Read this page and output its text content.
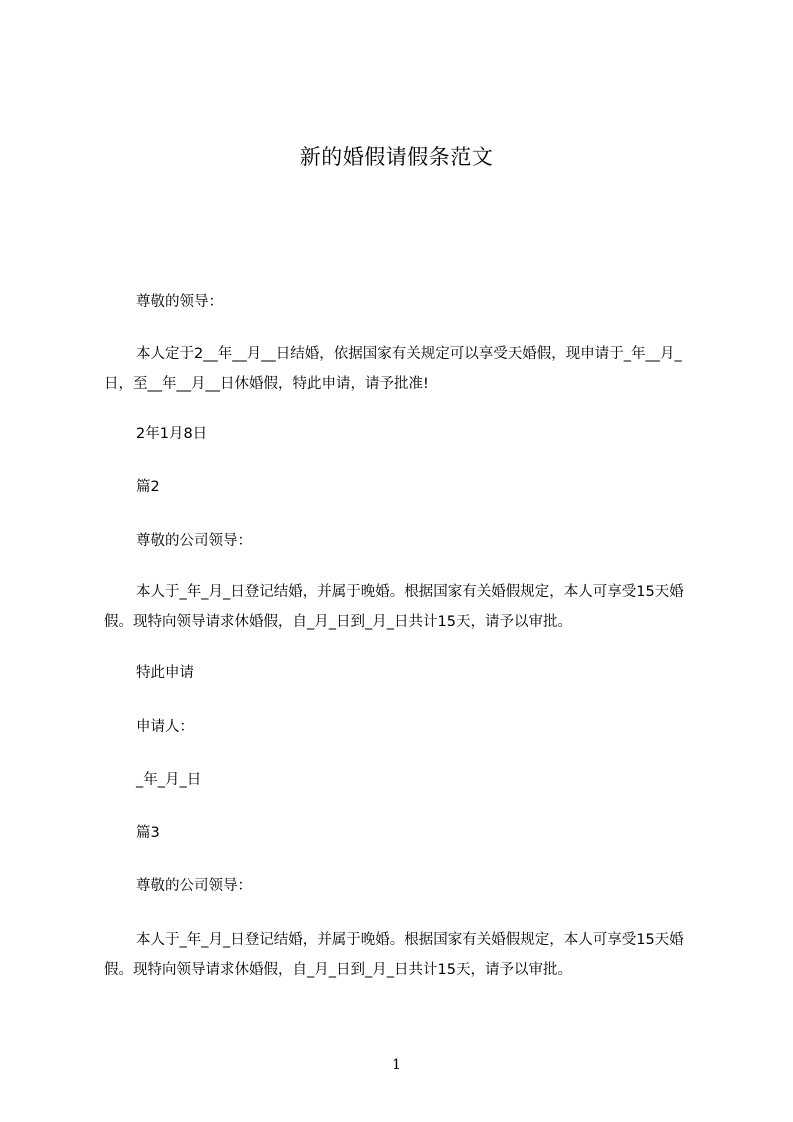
新的婚假请假条范文
尊敬的领导：
本人定于2__年__月__日结婚，依据国家有关规定可以享受天婚假，现申请于_年__月_日，至__年__月__日休婚假，特此申请，请予批准!
2年1月8日
篇2
尊敬的公司领导：
本人于_年_月_日登记结婚，并属于晚婚。根据国家有关婚假规定，本人可享受15天婚假。现特向领导请求休婚假，自_月_日到_月_日共计15天，请予以审批。
特此申请
申请人：
_年_月_日
篇3
尊敬的公司领导：
本人于_年_月_日登记结婚，并属于晚婚。根据国家有关婚假规定，本人可享受15天婚假。现特向领导请求休婚假，自_月_日到_月_日共计15天，请予以审批。
1
